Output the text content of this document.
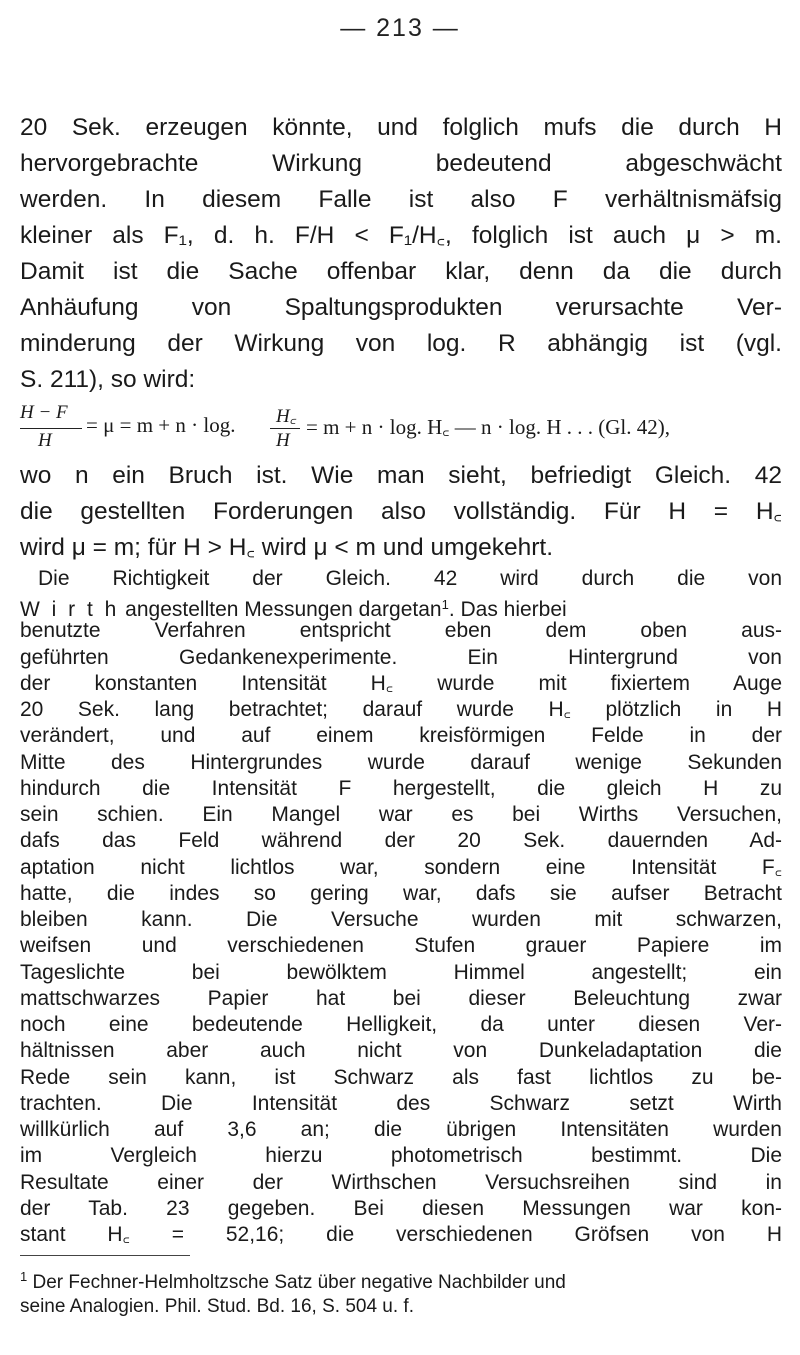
— 213 —
20 Sek. erzeugen könnte, und folglich mufs die durch H
hervorgebrachte Wirkung bedeutend abgeschwächt
werden. In diesem Falle ist also F verhältnismäfsig
kleiner als F₁, d. h. F/H < F₁/H꜀, folglich ist auch μ > m.
Damit ist die Sache offenbar klar, denn da die durch
Anhäufung von Spaltungsprodukten verursachte Ver-
minderung der Wirkung von log. R abhängig ist (vgl.
S. 211), so wird:
H − F
H
= μ = m + n · log. H꜀
H
= m + n · log. H꜀ — n · log. H . . . (Gl. 42),
wo n ein Bruch ist. Wie man sieht, befriedigt Gleich. 42
die gestellten Forderungen also vollständig. Für H = H꜀
wird μ = m; für H > H꜀ wird μ < m und umgekehrt.
Die Richtigkeit der Gleich. 42 wird durch die von
W i r t h angestellten Messungen dargetan$^1$. Das hierbei
benutzte Verfahren entspricht eben dem oben aus-
geführten Gedankenexperimente. Ein Hintergrund von
der konstanten Intensität H꜀ wurde mit fixiertem Auge
20 Sek. lang betrachtet; darauf wurde H꜀ plötzlich in H
verändert, und auf einem kreisförmigen Felde in der
Mitte des Hintergrundes wurde darauf wenige Sekunden
hindurch die Intensität F hergestellt, die gleich H zu
sein schien. Ein Mangel war es bei Wirths Versuchen,
dafs das Feld während der 20 Sek. dauernden Ad-
aptation nicht lichtlos war, sondern eine Intensität F꜀
hatte, die indes so gering war, dafs sie aufser Betracht
bleiben kann. Die Versuche wurden mit schwarzen,
weifsen und verschiedenen Stufen grauer Papiere im
Tageslichte bei bewölktem Himmel angestellt; ein
mattschwarzes Papier hat bei dieser Beleuchtung zwar
noch eine bedeutende Helligkeit, da unter diesen Ver-
$^1$ Der Fechner-Helmholtzsche Satz über negative Nachbilder und
seine Analogien. Phil. Stud. Bd. 16, S. 504 u. f.
hältnissen aber auch nicht von Dunkeladaptation die
Rede sein kann, ist Schwarz als fast lichtlos zu be-
trachten. Die Intensität des Schwarz setzt Wirth
willkürlich auf 3,6 an; die übrigen Intensitäten wurden
im Vergleich hierzu photometrisch bestimmt. Die
Resultate einer der Wirthschen Versuchsreihen sind in
der Tab. 23 gegeben. Bei diesen Messungen war kon-
stant H꜀ = 52,16; die verschiedenen Gröfsen von H
